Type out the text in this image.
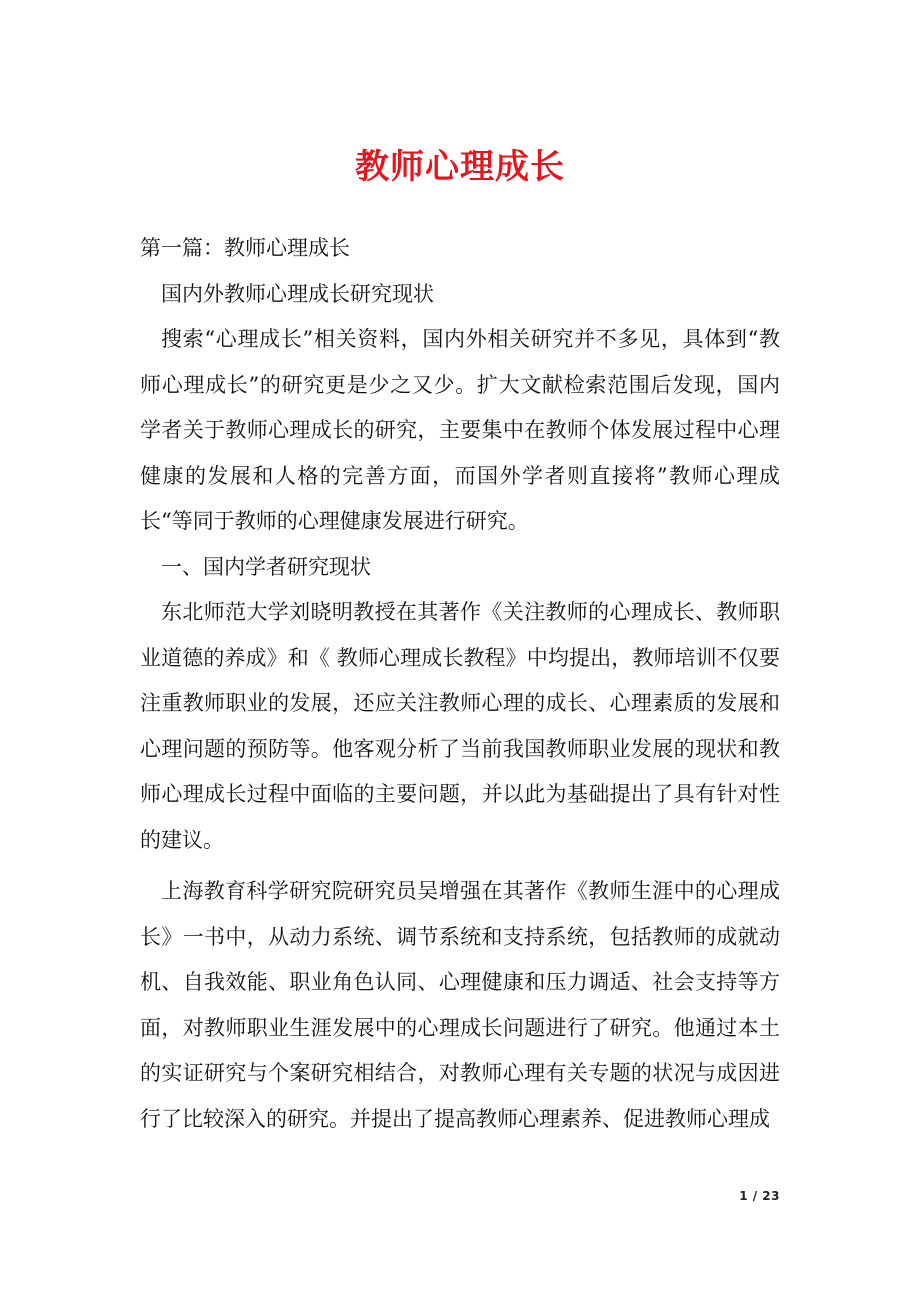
教师心理成长

第一篇：教师心理成长

国内外教师心理成长研究现状

搜索“心理成长”相关资料，国内外相关研究并不多见，具体到“教师心理成长”的研究更是少之又少。扩大文献检索范围后发现，国内学者关于教师心理成长的研究，主要集中在教师个体发展过程中心理健康的发展和人格的完善方面，而国外学者则直接将”教师心理成长“等同于教师的心理健康发展进行研究。

一、国内学者研究现状

东北师范大学刘晓明教授在其著作《关注教师的心理成长、教师职业道德的养成》和《 教师心理成长教程》中均提出，教师培训不仅要注重教师职业的发展，还应关注教师心理的成长、心理素质的发展和心理问题的预防等。他客观分析了当前我国教师职业发展的现状和教师心理成长过程中面临的主要问题，并以此为基础提出了具有针对性的建议。

上海教育科学研究院研究员吴增强在其著作《教师生涯中的心理成长》一书中，从动力系统、调节系统和支持系统，包括教师的成就动机、自我效能、职业角色认同、心理健康和压力调适、社会支持等方面，对教师职业生涯发展中的心理成长问题进行了研究。他通过本土的实证研究与个案研究相结合，对教师心理有关专题的状况与成因进行了比较深入的研究。并提出了提高教师心理素养、促进教师心理成

1 / 23
